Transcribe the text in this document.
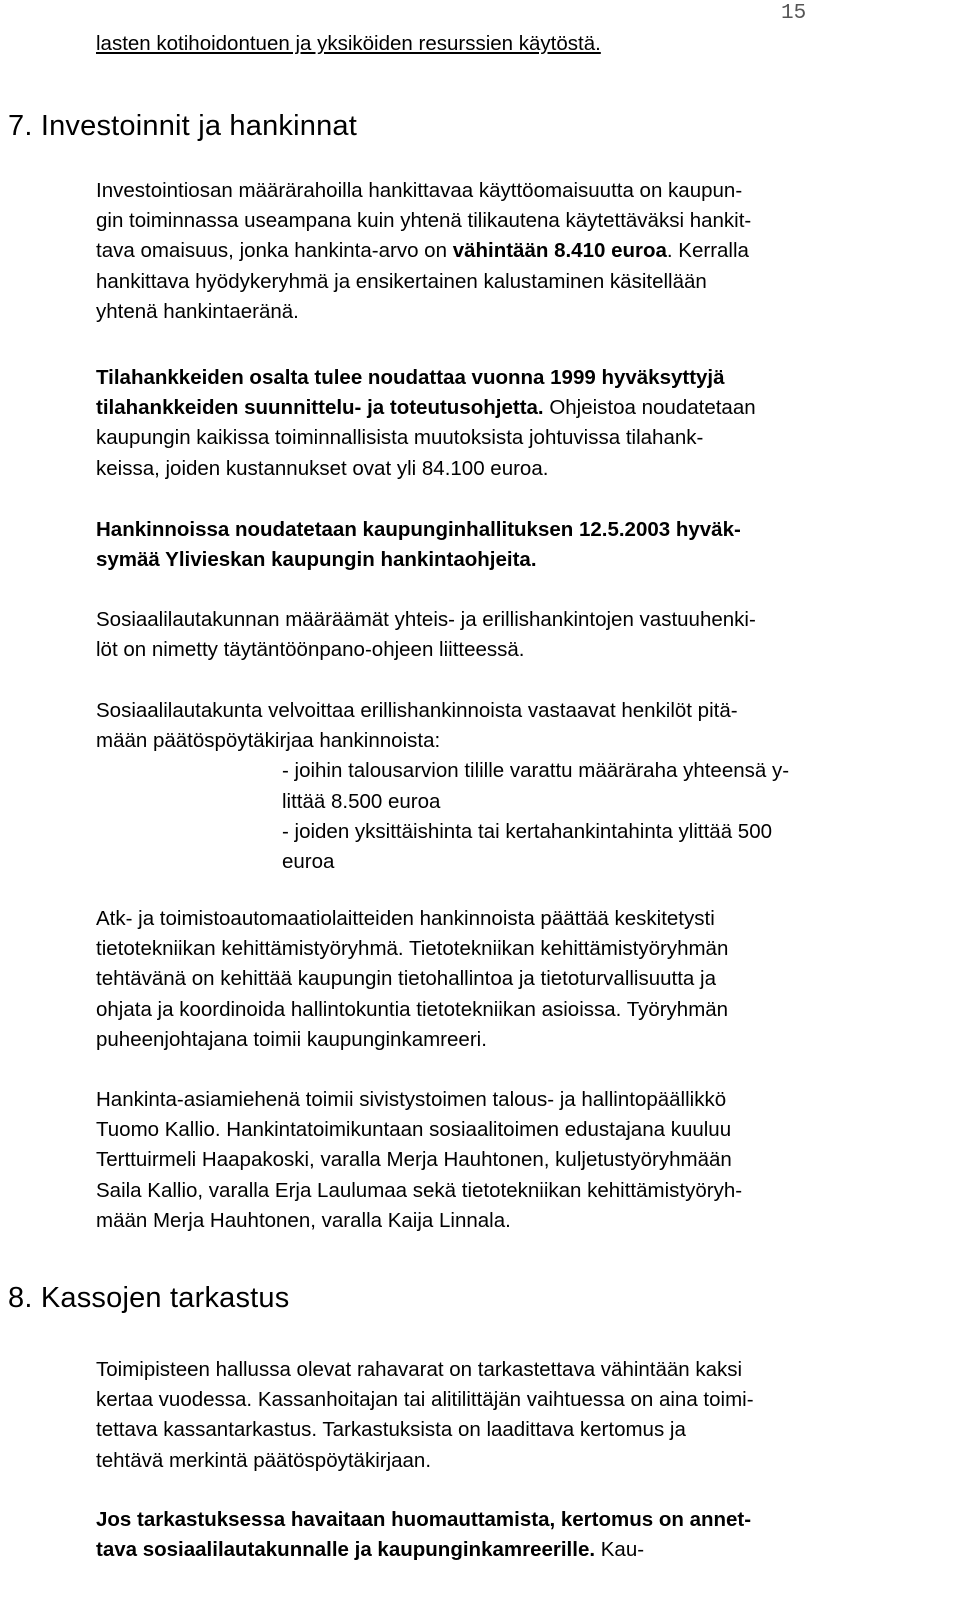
15
lasten kotihoidontuen ja yksiköiden resurssien käytöstä.
7. Investoinnit ja hankinnat
Investointiosan määrärahoilla hankittavaa käyttöomaisuutta on kaupun-
gin toiminnassa useampana kuin yhtenä tilikautena käytettäväksi hankit-
tava omaisuus, jonka hankinta-arvo on vähintään 8.410 euroa. Kerralla
hankittava hyödykeryhmä ja ensikertainen kalustaminen käsitellään
yhtenä hankintaeränä.
Tilahankkeiden osalta tulee noudattaa vuonna 1999 hyväksyttyjä
tilahankkeiden suunnittelu- ja toteutusohjetta. Ohjeistoa noudatetaan
kaupungin kaikissa toiminnallisista muutoksista johtuvissa tilahank-
keissa, joiden kustannukset ovat yli 84.100 euroa.
Hankinnoissa noudatetaan kaupunginhallituksen 12.5.2003 hyväk-
symää Ylivieskan kaupungin hankintaohjeita.
Sosiaalilautakunnan määräämät yhteis- ja erillishankintojen vastuuhenki-
löt on nimetty täytäntöönpano-ohjeen liitteessä.
Sosiaalilautakunta velvoittaa erillishankinnoista vastaavat henkilöt pitä-
mään päätöspöytäkirjaa hankinnoista:
- joihin talousarvion tilille varattu määräraha yhteensä y-
littää 8.500 euroa
- joiden yksittäishinta tai kertahankintahinta ylittää 500
euroa
Atk- ja toimistoautomaatiolaitteiden hankinnoista päättää keskitetysti
tietotekniikan kehittämistyöryhmä. Tietotekniikan kehittämistyöryhmän
tehtävänä on kehittää kaupungin tietohallintoa ja tietoturvallisuutta ja
ohjata ja koordinoida hallintokuntia tietotekniikan asioissa. Työryhmän
puheenjohtajana toimii kaupunginkamreeri.
Hankinta-asiamiehenä toimii sivistystoimen talous- ja hallintopäällikkö
Tuomo Kallio. Hankintatoimikuntaan sosiaalitoimen edustajana kuuluu
Terttuirmeli Haapakoski, varalla Merja Hauhtonen, kuljetustyöryhmään
Saila Kallio, varalla Erja Laulumaa sekä tietotekniikan kehittämistyöryh-
mään Merja Hauhtonen, varalla Kaija Linnala.
8. Kassojen tarkastus
Toimipisteen hallussa olevat rahavarat on tarkastettava vähintään kaksi
kertaa vuodessa. Kassanhoitajan tai alitilittäjän vaihtuessa on aina toimi-
tettava kassantarkastus. Tarkastuksista on laadittava kertomus ja
tehtävä merkintä päätöspöytäkirjaan.
Jos tarkastuksessa havaitaan huomauttamista, kertomus on annet-
tava sosiaalilautakunnalle ja kaupunginkamreerille. Kau-
